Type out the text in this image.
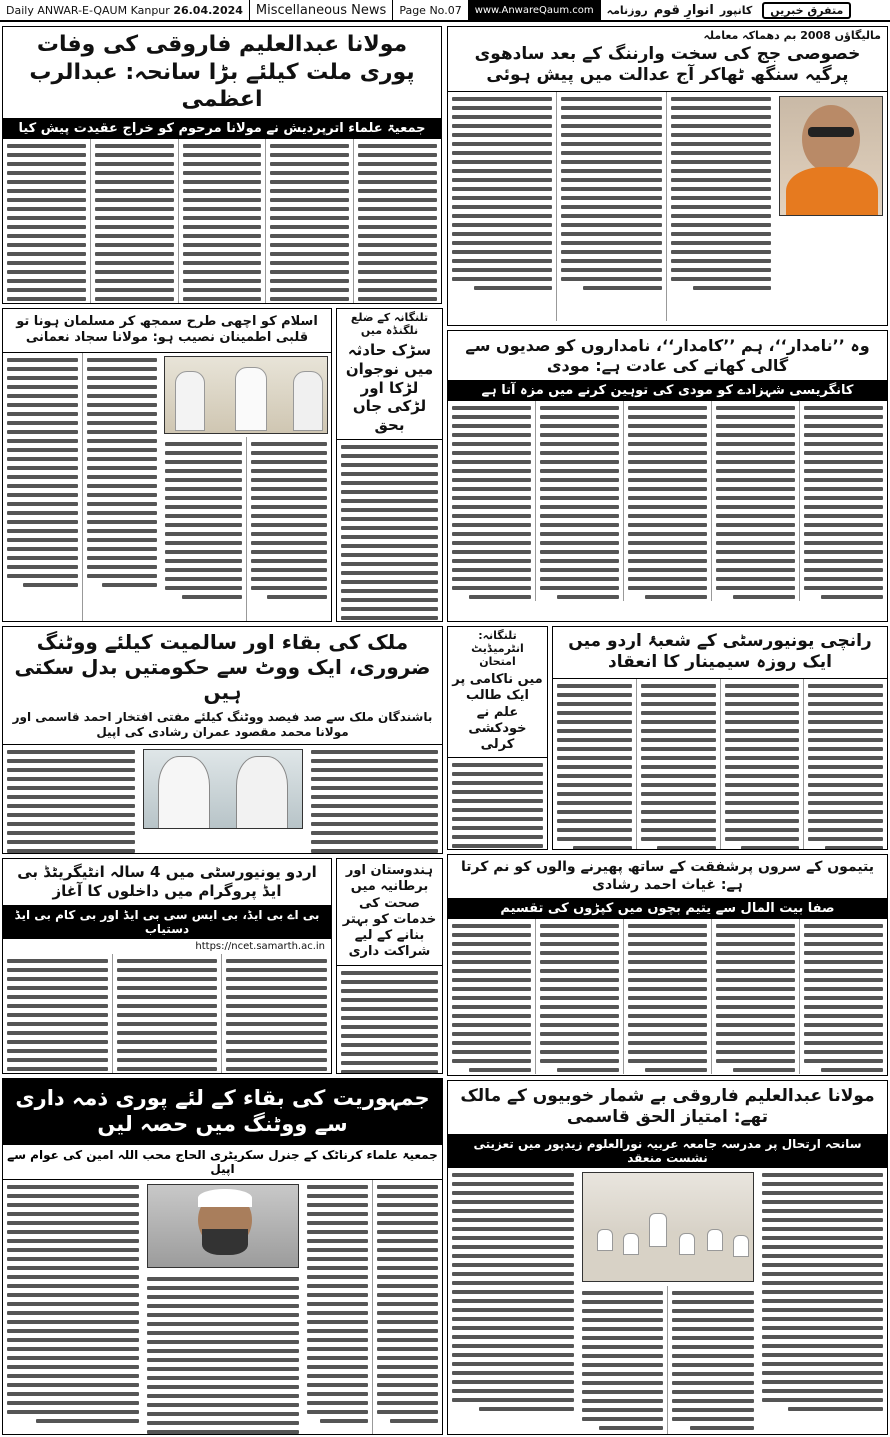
Daily ANWAR-E-QAUM Kanpur
26.04.2024	Miscellaneous News	Page No.07	www.AnwareQaum.com	متفرق خبریں
کانپور
انوارِ قوم
روزنامہ
مولانا عبدالعلیم فاروقی کی وفات پوری ملت کیلئے بڑا سانحہ: عبدالرب اعظمی
جمعیۃ علماء اترپردیش نے مولانا مرحوم کو خراج عقیدت پیش کیا
مالیگاؤں 2008 بم دھماکہ معاملہ
خصوصی جج کی سخت وارننگ کے بعد سادھوی پرگیہ سنگھ ٹھاکر آج عدالت میں پیش ہوئی
اسلام کو اچھی طرح سمجھ کر مسلمان ہونا تو قلبی اطمینان نصیب ہو: مولانا سجاد نعمانی
تلنگانہ کے ضلع نلگنڈہ میں
سڑک حادثہ میں نوجوان لڑکا اور لڑکی جاں بحق
وہ ’’نامدار‘‘، ہم ’’کامدار‘‘، نامداروں کو صدیوں سے گالی کھانے کی عادت ہے: مودی
کانگریسی شہزادے کو مودی کی توہین کرنے میں مزہ آتا ہے
ملک کی بقاء اور سالمیت کیلئے ووٹنگ ضروری، ایک ووٹ سے حکومتیں بدل سکتی ہیں
باشندگان ملک سے صد فیصد ووٹنگ کیلئے مفتی افتخار احمد قاسمی اور مولانا محمد مقصود عمران رشادی کی اپیل
تلنگانہ: انٹرمیڈیٹ امتحان
میں ناکامی پر ایک طالب علم نے خودکشی کرلی
رانچی یونیورسٹی کے شعبۂ اردو میں ایک روزہ سیمینار کا انعقاد
اردو یونیورسٹی میں 4 سالہ انٹیگریٹڈ بی ایڈ پروگرام میں داخلوں کا آغاز
بی اے بی ایڈ، بی ایس سی بی ایڈ اور بی کام بی ایڈ دستیاب
https://ncet.samarth.ac.in
ہندوستان اور برطانیہ میں صحت کی خدمات کو بہتر بنانے کے لیے شراکت داری
یتیموں کے سروں پرشفقت کے ساتھ پھیرنے والوں کو نم کرتا ہے: غیاث احمد رشادی
صفا بیت المال سے یتیم بچوں میں کپڑوں کی تقسیم
جمہوریت کی بقاء کے لئے پوری ذمہ داری سے ووٹنگ میں حصہ لیں
جمعیۃ علماء کرناٹک کے جنرل سکریٹری الحاج محب اللہ امین کی عوام سے اپیل
مولانا عبدالعلیم فاروقی بے شمار خوبیوں کے مالک تھے: امتیاز الحق قاسمی
سانحہ ارتحال پر مدرسہ جامعہ عربیہ نورالعلوم زیدپور میں تعزیتی نشست منعقد
